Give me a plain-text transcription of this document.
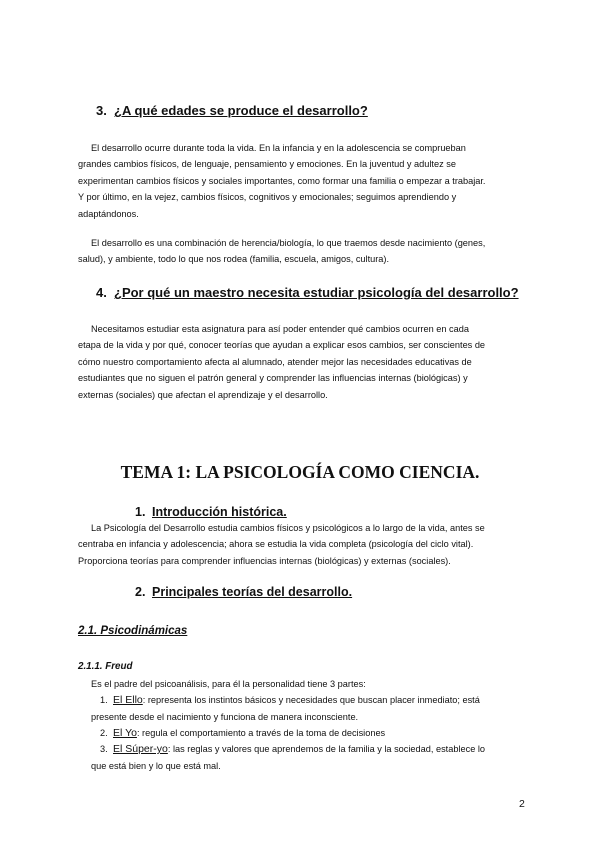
3. ¿A qué edades se produce el desarrollo?
El desarrollo ocurre durante toda la vida. En la infancia y en la adolescencia se comprueban
grandes cambios físicos, de lenguaje, pensamiento y emociones. En la juventud y adultez se
experimentan cambios físicos y sociales importantes, como formar una familia o empezar a trabajar.
Y por último, en la vejez, cambios físicos, cognitivos y emocionales; seguimos aprendiendo y
adaptándonos.
El desarrollo es una combinación de herencia/biología, lo que traemos desde nacimiento (genes,
salud), y ambiente, todo lo que nos rodea (familia, escuela, amigos, cultura).
4. ¿Por qué un maestro necesita estudiar psicología del desarrollo?
Necesitamos estudiar esta asignatura para así poder entender qué cambios ocurren en cada
etapa de la vida y por qué, conocer teorías que ayudan a explicar esos cambios, ser conscientes de
cómo nuestro comportamiento afecta al alumnado, atender mejor las necesidades educativas de
estudiantes que no siguen el patrón general y comprender las influencias internas (biológicas) y
externas (sociales) que afectan el aprendizaje y el desarrollo.
TEMA 1: LA PSICOLOGÍA COMO CIENCIA.
1. Introducción histórica.
La Psicología del Desarrollo estudia cambios físicos y psicológicos a lo largo de la vida, antes se
centraba en infancia y adolescencia; ahora se estudia la vida completa (psicología del ciclo vital).
Proporciona teorías para comprender influencias internas (biológicas) y externas (sociales).
2. Principales teorías del desarrollo.
2.1. Psicodinámicas
2.1.1. Freud
Es el padre del psicoanálisis, para él la personalidad tiene 3 partes:
1. El Ello: representa los instintos básicos y necesidades que buscan placer inmediato; está
presente desde el nacimiento y funciona de manera inconsciente.
2. El Yo: regula el comportamiento a través de la toma de decisiones
3. El Súper-yo: las reglas y valores que aprendemos de la familia y la sociedad, establece lo
que está bien y lo que está mal.
2
